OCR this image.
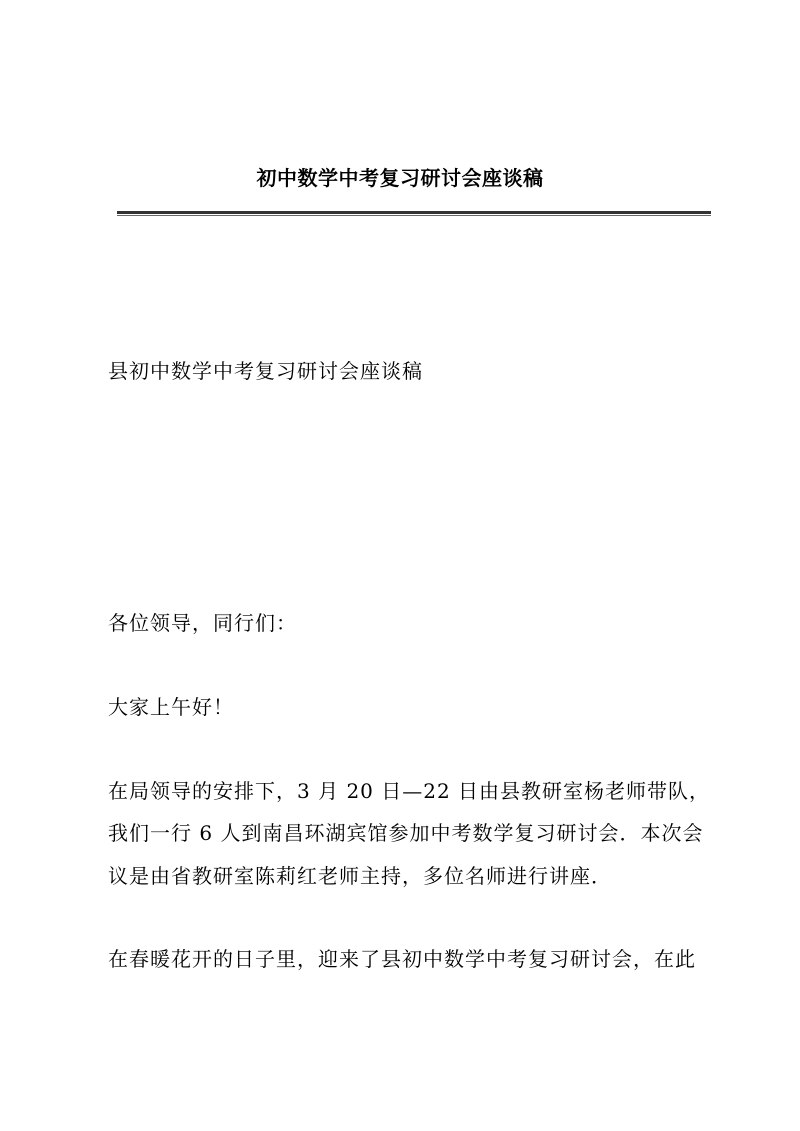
初中数学中考复习研讨会座谈稿
县初中数学中考复习研讨会座谈稿
各位领导，同行们：
大家上午好！
在局领导的安排下，3 月 20 日—22 日由县教研室杨老师带队，
我们一行 6 人到南昌环湖宾馆参加中考数学复习研讨会．本次会
议是由省教研室陈莉红老师主持，多位名师进行讲座．
在春暖花开的日子里，迎来了县初中数学中考复习研讨会，在此
